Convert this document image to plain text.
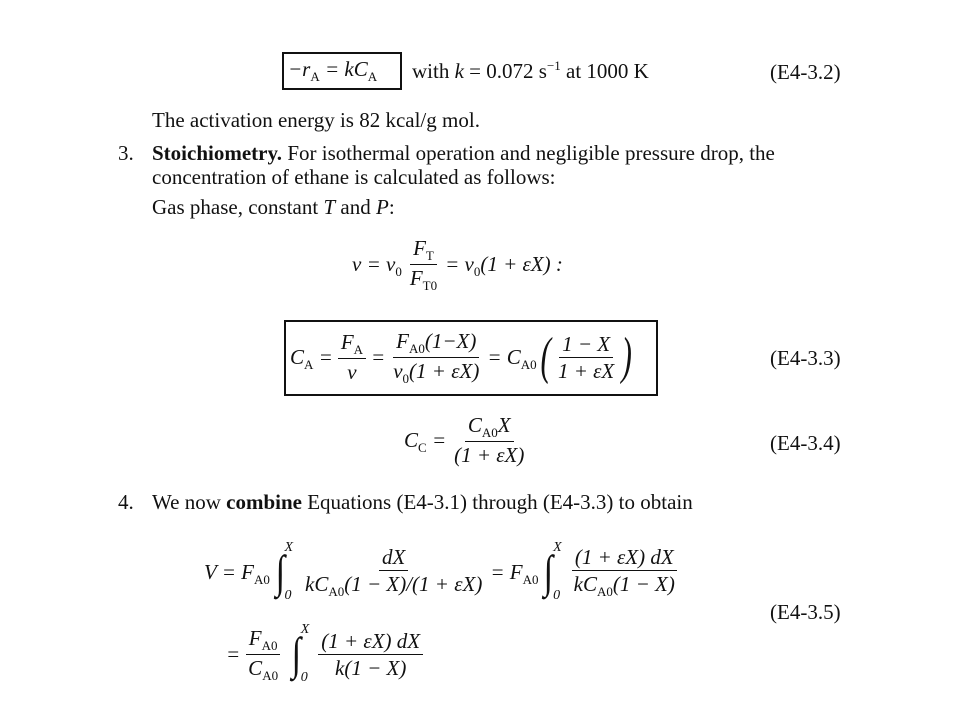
$-r_A = kC_A$ with k = 0.072 $s^{-1}$ at 1000 K	(E4-3.2)
The activation energy is 82 kcal/g mol.
3. Stoichiometry. For isothermal operation and negligible pressure drop, the
concentration of ethane is calculated as follows:
Gas phase, constant T and P:
$v = v_0 \frac{F_T}{F_{T0}} = v_0(1 + \varepsilon X)$ :
$C_A = \frac{F_A}{v} = \frac{F_{A0}(1-X)}{v_0(1 + \varepsilon X)} = C_{A0}$ ( $\frac{1 - X}{1 + \varepsilon X}$ )	(E4-3.3)
$C_C = \frac{C_{A0}X}{(1 + \varepsilon X)}$	(E4-3.4)
4. We now combine Equations (E4-3.1) through (E4-3.3) to obtain
$V = F_{A0}$ ∫ X
$0 \frac{dX}{kC_{A0}(1 - X)/(1 + \varepsilon X)} = F_{A0}$ ∫ X
$0 \frac{(1 + \varepsilon X) dX}{kC_{A0}(1 - X)}$
(E4-3.5)
= $\frac{F_{A0}}{C_{A0}}$ ∫ X
$0 \frac{(1 + \varepsilon X) dX}{k(1 - X)}$
